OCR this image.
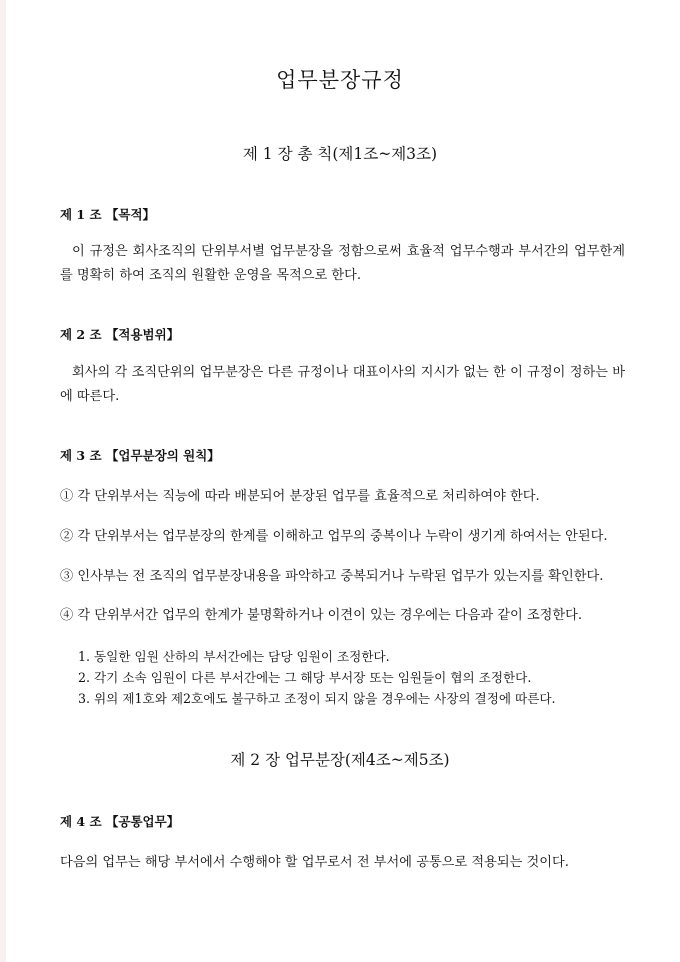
업무분장규정
제 1 장 총 칙(제1조~제3조)
제 1 조 【목적】
이 규정은 회사조직의 단위부서별 업무분장을 정함으로써 효율적 업무수행과 부서간의 업무한계를 명확히 하여 조직의 원활한 운영을 목적으로 한다.
제 2 조 【적용범위】
회사의 각 조직단위의 업무분장은 다른 규정이나 대표이사의 지시가 없는 한 이 규정이 정하는 바에 따른다.
제 3 조 【업무분장의 원칙】
① 각 단위부서는 직능에 따라 배분되어 분장된 업무를 효율적으로 처리하여야 한다.
② 각 단위부서는 업무분장의 한계를 이해하고 업무의 중복이나 누락이 생기게 하여서는 안된다.
③ 인사부는 전 조직의 업무분장내용을 파악하고 중복되거나 누락된 업무가 있는지를 확인한다.
④ 각 단위부서간 업무의 한계가 불명확하거나 이견이 있는 경우에는 다음과 같이 조정한다.
1. 동일한 임원 산하의 부서간에는 담당 임원이 조정한다.
2. 각기 소속 임원이 다른 부서간에는 그 해당 부서장 또는 임원들이 협의 조정한다.
3. 위의 제1호와 제2호에도 불구하고 조정이 되지 않을 경우에는 사장의 결정에 따른다.
제 2 장 업무분장(제4조~제5조)
제 4 조 【공통업무】
다음의 업무는 해당 부서에서 수행해야 할 업무로서 전 부서에 공통으로 적용되는 것이다.
